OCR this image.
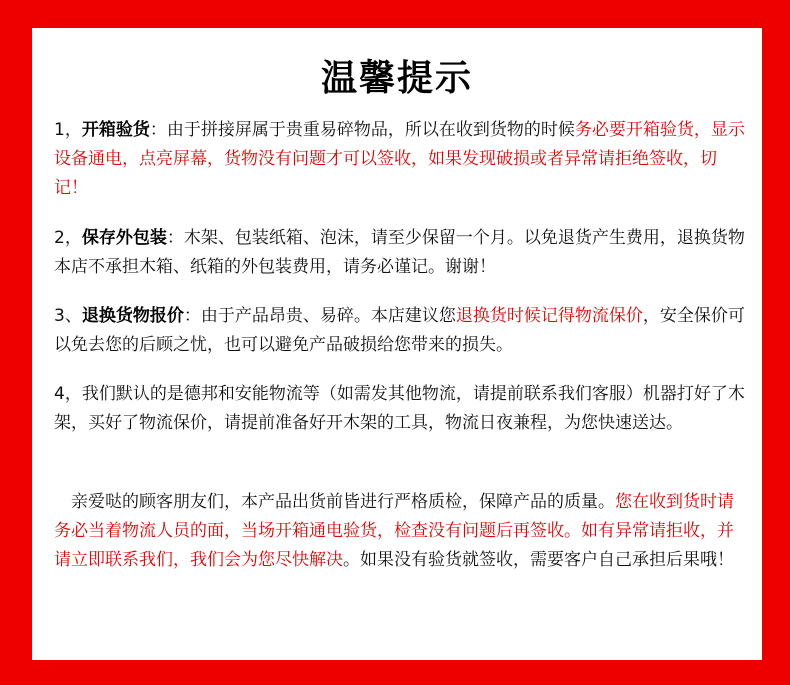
温馨提示
1，开箱验货：由于拼接屏属于贵重易碎物品，所以在收到货物的时候务必要开箱验货，显示设备通电，点亮屏幕，货物没有问题才可以签收，如果发现破损或者异常请拒绝签收，切记！
2，保存外包装：木架、包装纸箱、泡沫，请至少保留一个月。以免退货产生费用，退换货物本店不承担木箱、纸箱的外包装费用，请务必谨记。谢谢！
3、退换货物报价：由于产品昂贵、易碎。本店建议您退换货时候记得物流保价，安全保价可以免去您的后顾之忧，也可以避免产品破损给您带来的损失。
4，我们默认的是德邦和安能物流等（如需发其他物流，请提前联系我们客服）机器打好了木架，买好了物流保价，请提前准备好开木架的工具，物流日夜兼程，为您快速送达。
　亲爱哒的顾客朋友们，本产品出货前皆进行严格质检，保障产品的质量。您在收到货时请务必当着物流人员的面，当场开箱通电验货，检查没有问题后再签收。如有异常请拒收，并请立即联系我们，我们会为您尽快解决。如果没有验货就签收，需要客户自己承担后果哦！
